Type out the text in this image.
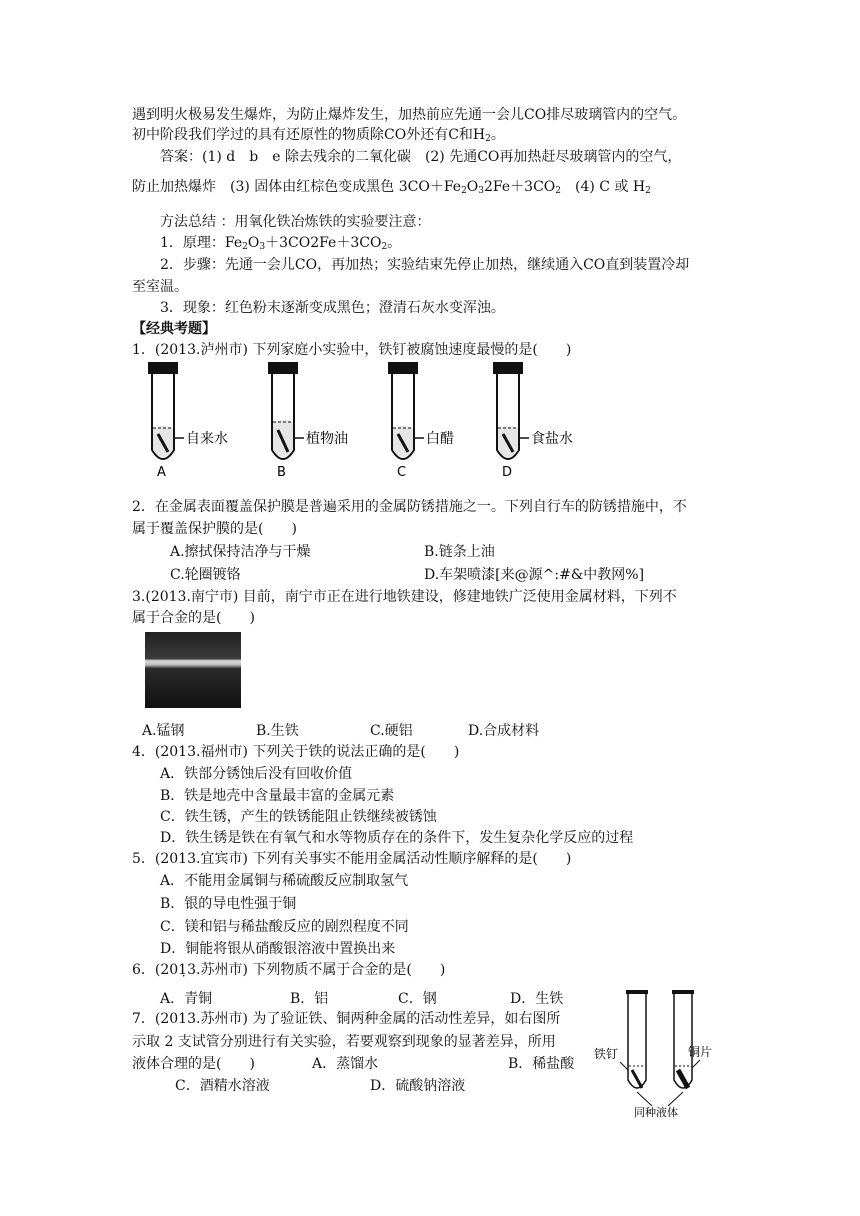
遇到明火极易发生爆炸，为防止爆炸发生，加热前应先通一会儿CO排尽玻璃管内的空气。
初中阶段我们学过的具有还原性的物质除CO外还有C和$H_2$。
答案：(1) d　b　e 除去残余的二氧化碳　(2) 先通CO再加热赶尽玻璃管内的空气，
防止加热爆炸　(3) 固体由红棕色变成黑色 $3CO+Fe_2O_32Fe+3CO_2$　(4) C 或 $H_2$
方法总结 ：用氧化铁冶炼铁的实验要注意：
1．原理：$Fe_2O_3+3CO2Fe+3CO_2$。
2．步骤：先通一会儿CO，再加热；实验结束先停止加热，继续通入CO直到装置冷却
至室温。
3．现象：红色粉末逐渐变成黑色；澄清石灰水变浑浊。
【经典考题】
1．(2013.泸州市) 下列家庭小实验中，铁钉被腐蚀速度最慢的是(　　)
自来水	植物油	白醋	食盐水
A	B	C	D
2．在金属表面覆盖保护膜是普遍采用的金属防锈措施之一。下列自行车的防锈措施中，不
属于覆盖保护膜的是(　　)
A.擦拭保持洁净与干燥	B.链条上油
C.轮圈镀铬	D.车架喷漆[来@源^:#&中教网%]
3.(2013.南宁市) 目前，南宁市正在进行地铁建设，修建地铁广泛使用金属材料，下列不
属于合金的是(　　)
A.锰钢	B.生铁	C.硬铝	D.合成材料
4．(2013.福州市) 下列关于铁的说法正确的是(　　)
A．铁部分锈蚀后没有回收价值
B．铁是地壳中含量最丰富的金属元素
C．铁生锈，产生的铁锈能阻止铁继续被锈蚀
D．铁生锈是铁在有氧气和水等物质存在的条件下，发生复杂化学反应的过程
5．(2013.宜宾市) 下列有关事实不能用金属活动性顺序解释的是(　　)
A．不能用金属铜与稀硫酸反应制取氢气
B．银的导电性强于铜
C．镁和铝与稀盐酸反应的剧烈程度不同
D．铜能将银从硝酸银溶液中置换出来
6．(201̣​3.苏州市) 下列物质不属于合金的是(　　)
A．青铜	B．铝	C．钢	D．生铁
7．(2013.苏州市) 为了验证铁、铜两种金属的活动性差异，如右图所
示取 2 支试管分别进行有关实验，若要观察到现象的显著差异，所用
液体合理的是(　　)	A．蒸馏水	B．稀盐酸
C．酒精水溶液	D．硫酸钠溶液
铁钉	铜片
同种液体
